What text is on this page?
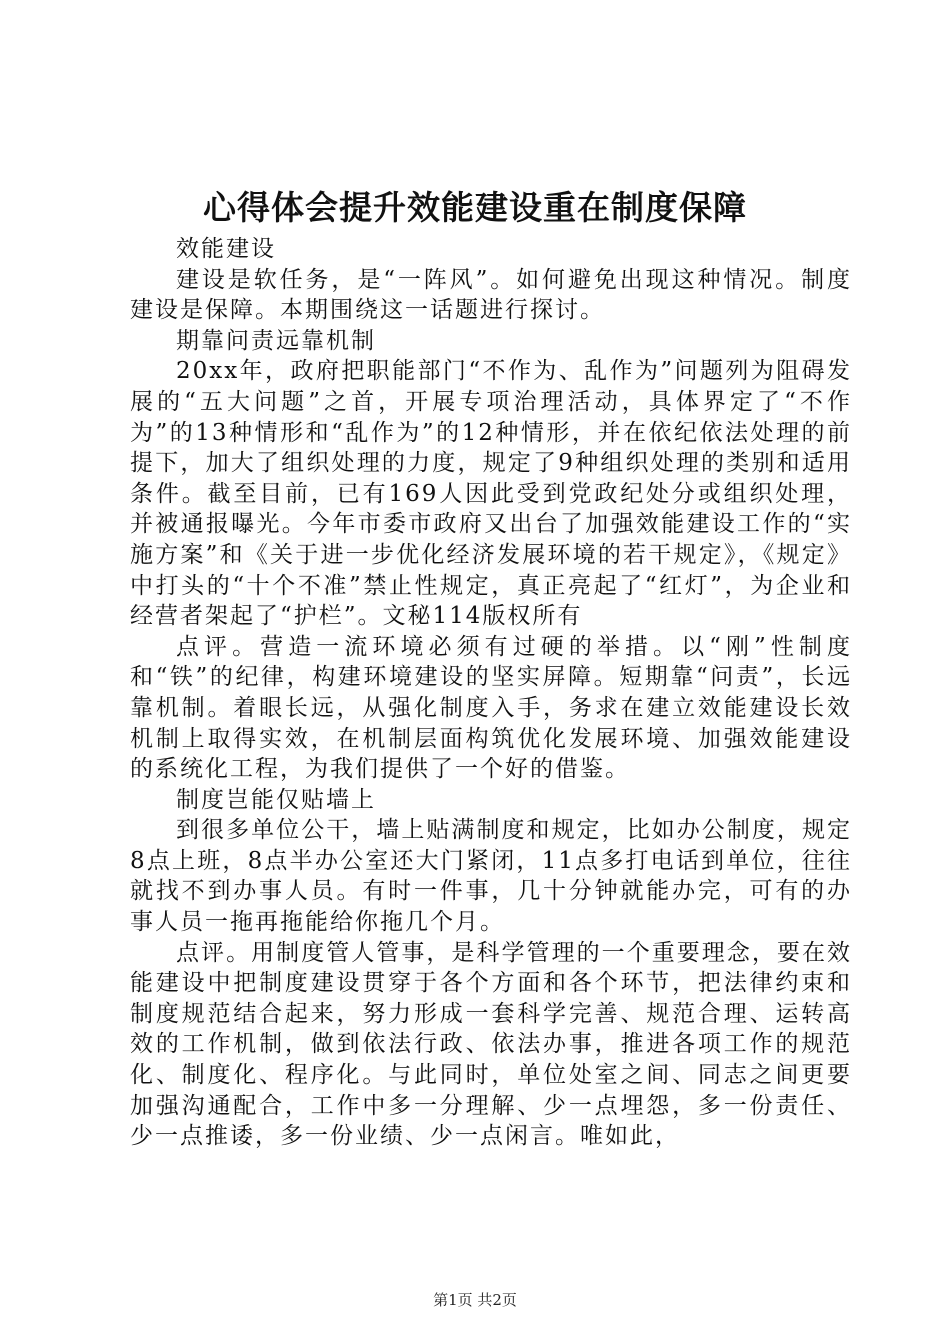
心得体会提升效能建设重在制度保障

效能建设

建设是软任务，是“一阵风”。如何避免出现这种情况。制度建设是保障。本期围绕这一话题进行探讨。

期靠问责远靠机制

20xx年，政府把职能部门“不作为、乱作为”问题列为阻碍发展的“五大问题”之首，开展专项治理活动，具体界定了“不作为”的13种情形和“乱作为”的12种情形，并在依纪依法处理的前提下，加大了组织处理的力度，规定了9种组织处理的类别和适用条件。截至目前，已有169人因此受到党政纪处分或组织处理，并被通报曝光。今年市委市政府又出台了加强效能建设工作的“实施方案”和《关于进一步优化经济发展环境的若干规定》，《规定》中打头的“十个不准”禁止性规定，真正亮起了“红灯”，为企业和经营者架起了“护栏”。文秘114版权所有

点评。营造一流环境必须有过硬的举措。以“刚”性制度和“铁”的纪律，构建环境建设的坚实屏障。短期靠“问责”，长远靠机制。着眼长远，从强化制度入手，务求在建立效能建设长效机制上取得实效，在机制层面构筑优化发展环境、加强效能建设的系统化工程，为我们提供了一个好的借鉴。

制度岂能仅贴墙上

到很多单位公干，墙上贴满制度和规定，比如办公制度，规定8点上班，8点半办公室还大门紧闭，11点多打电话到单位，往往就找不到办事人员。有时一件事，几十分钟就能办完，可有的办事人员一拖再拖能给你拖几个月。

点评。用制度管人管事，是科学管理的一个重要理念，要在效能建设中把制度建设贯穿于各个方面和各个环节，把法律约束和制度规范结合起来，努力形成一套科学完善、规范合理、运转高效的工作机制，做到依法行政、依法办事，推进各项工作的规范化、制度化、程序化。与此同时，单位处室之间、同志之间更要加强沟通配合，工作中多一分理解、少一点埋怨，多一份责任、少一点推诿，多一份业绩、少一点闲言。唯如此，

第1页 共2页
